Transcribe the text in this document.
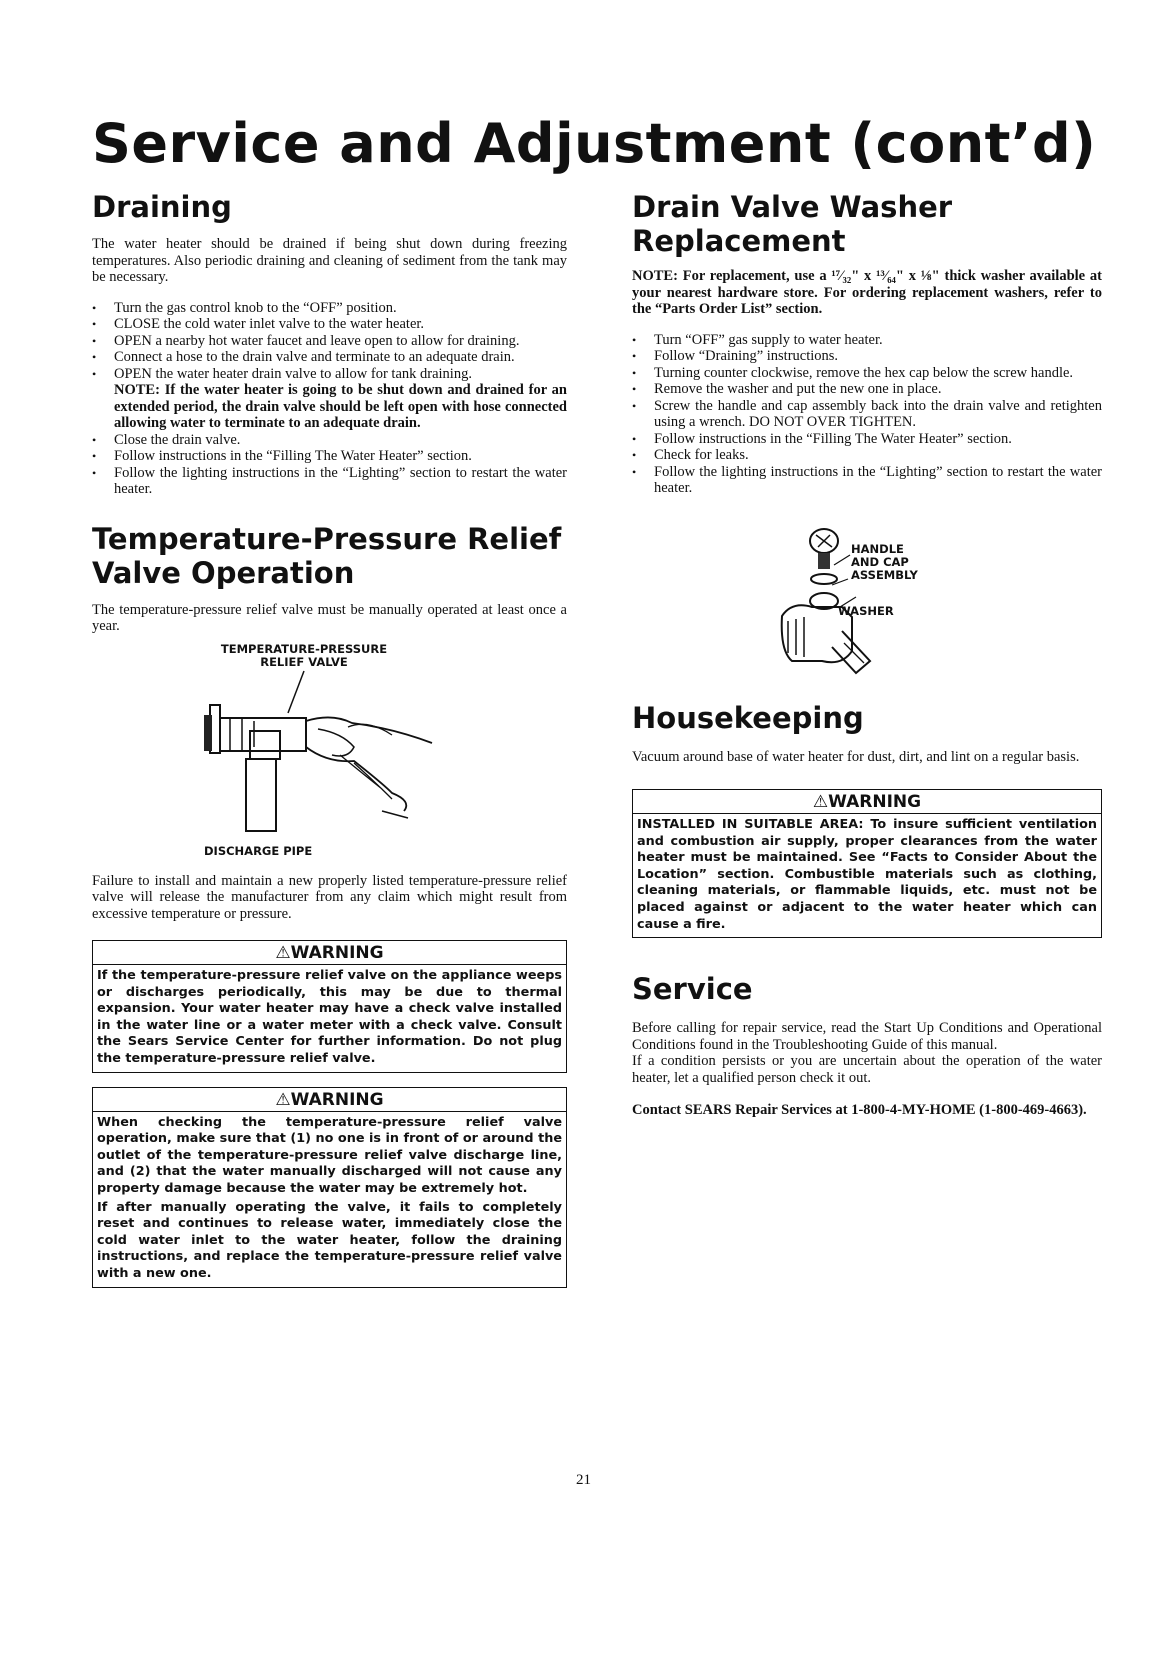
Service and Adjustment (cont’d)
Draining

The water heater should be drained if being shut down during freezing temperatures. Also periodic draining and cleaning of sediment from the tank may be necessary.

• Turn the gas control knob to the “OFF” position.
• CLOSE the cold water inlet valve to the water heater.
• OPEN a nearby hot water faucet and leave open to allow for draining.
• Connect a hose to the drain valve and terminate to an adequate drain.
• OPEN the water heater drain valve to allow for tank draining.
NOTE: If the water heater is going to be shut down and drained for an extended period, the drain valve should be left open with hose connected allowing water to terminate to an adequate drain.
• Close the drain valve.
• Follow instructions in the “Filling The Water Heater” section.
• Follow the lighting instructions in the “Lighting” section to restart the water heater.
Temperature-Pressure Relief
Valve Operation

The temperature-pressure relief valve must be manually operated at least once a year.

TEMPERATURE-PRESSURE
RELIEF VALVE
DISCHARGE PIPE

Failure to install and maintain a new properly listed temperature-pressure relief valve will release the manufacturer from any claim which might result from excessive temperature or pressure.

⚠WARNING
If the temperature-pressure relief valve on the appliance weeps or discharges periodically, this may be due to thermal expansion. Your water heater may have a check valve installed in the water line or a water meter with a check valve. Consult the Sears Service Center for further information. Do not plug the temperature-pressure relief valve.
⚠WARNING
When checking the temperature-pressure relief valve operation, make sure that (1) no one is in front of or around the outlet of the temperature-pressure relief valve discharge line, and (2) that the water manually discharged will not cause any property damage because the water may be extremely hot.
If after manually operating the valve, it fails to completely reset and continues to release water, immediately close the cold water inlet to the water heater, follow the draining instructions, and replace the temperature-pressure relief valve with a new one.
Drain Valve Washer
Replacement

NOTE: For replacement, use a ¹⁷⁄₃₂" x ¹³⁄₆₄" x ⅛" thick washer available at your nearest hardware store. For ordering replacement washers, refer to the “Parts Order List” section.

• Turn “OFF” gas supply to water heater.
• Follow “Draining” instructions.
• Turning counter clockwise, remove the hex cap below the screw handle.
• Remove the washer and put the new one in place.
• Screw the handle and cap assembly back into the drain valve and retighten using a wrench. DO NOT OVER TIGHTEN.
• Follow instructions in the “Filling The Water Heater” section.
• Check for leaks.
• Follow the lighting instructions in the “Lighting” section to restart the water heater.
HANDLE
AND CAP
ASSEMBLY
WASHER
Housekeeping

Vacuum around base of water heater for dust, dirt, and lint on a regular basis.

⚠WARNING
INSTALLED IN SUITABLE AREA: To insure sufficient ventilation and combustion air supply, proper clearances from the water heater must be maintained. See “Facts to Consider About the Location” section. Combustible materials such as clothing, cleaning materials, or flammable liquids, etc. must not be placed against or adjacent to the water heater which can cause a fire.
Service

Before calling for repair service, read the Start Up Conditions and Operational Conditions found in the Troubleshooting Guide of this manual.

If a condition persists or you are uncertain about the operation of the water heater, let a qualified person check it out.

Contact SEARS Repair Services at 1-800-4-MY-HOME (1-800-469-4663).

21
